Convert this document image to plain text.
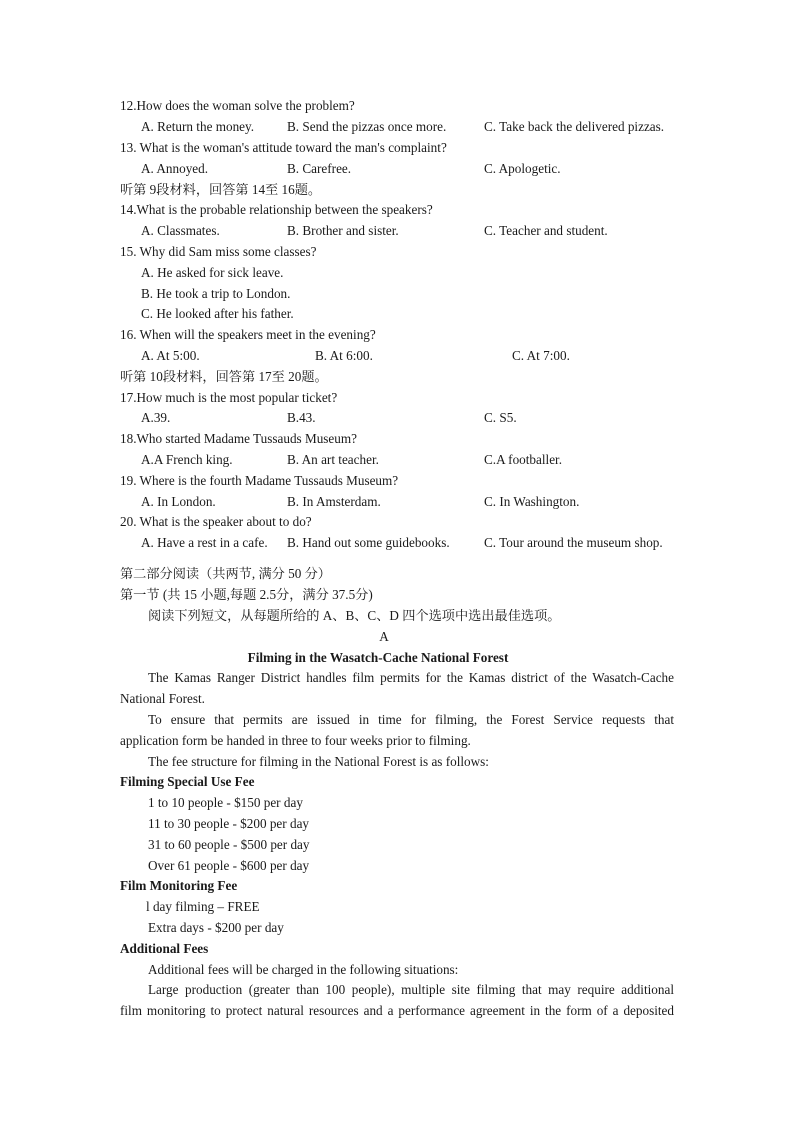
12.How does the woman solve the problem?
A. Return the money. B. Send the pizzas once more.	C. Take back the delivered pizzas.
13. What is the woman's attitude toward the man's complaint?
A. Annoyed.	B. Carefree.	C. Apologetic.
听第 9段材料，回答第 14至 16题。
14.What is the probable relationship between the speakers?
A. Classmates.	B. Brother and sister.	C. Teacher and student.
15. Why did Sam miss some classes?
A. He asked for sick leave.
B. He took a trip to London.
C. He looked after his father.
16. When will the speakers meet in the evening?
A. At 5:00.	B. At 6:00.	C. At 7:00.
听第 10段材料，回答第 17至 20题。
17.How much is the most popular ticket?
A.39.	B.43.	C. S5.
18.Who started Madame Tussauds Museum?
A.A French king.	B. An art teacher.	C.A footballer.
19. Where is the fourth Madame Tussauds Museum?
A. In London.	B. In Amsterdam.	C. In Washington.
20. What is the speaker about to do?
A. Have a rest in a cafe. B. Hand out some guidebooks.	C. Tour around the museum shop.
第二部分阅读（共两节, 满分 50 分）
第一节 (共 15 小题,每题 2.5分，满分 37.5分)
阅读下列短文，从每题所给的 A、B、C、D 四个选项中选出最佳选项。
A
Filming in the Wasatch-Cache National Forest
The Kamas Ranger District handles film permits for the Kamas district of the Wasatch-Cache
National Forest.
To ensure that permits are issued in time for filming, the Forest Service requests that
application form be handed in three to four weeks prior to filming.
The fee structure for filming in the National Forest is as follows:
Filming Special Use Fee
1 to 10 people - $150 per day
11 to 30 people - $200 per day
31 to 60 people - $500 per day
Over 61 people - $600 per day
Film Monitoring Fee
l day filming – FREE
Extra days - $200 per day
Additional Fees
Additional fees will be charged in the following situations:
Large production (greater than 100 people), multiple site filming that may require additional
film monitoring to protect natural resources and a performance agreement in the form of a deposited
